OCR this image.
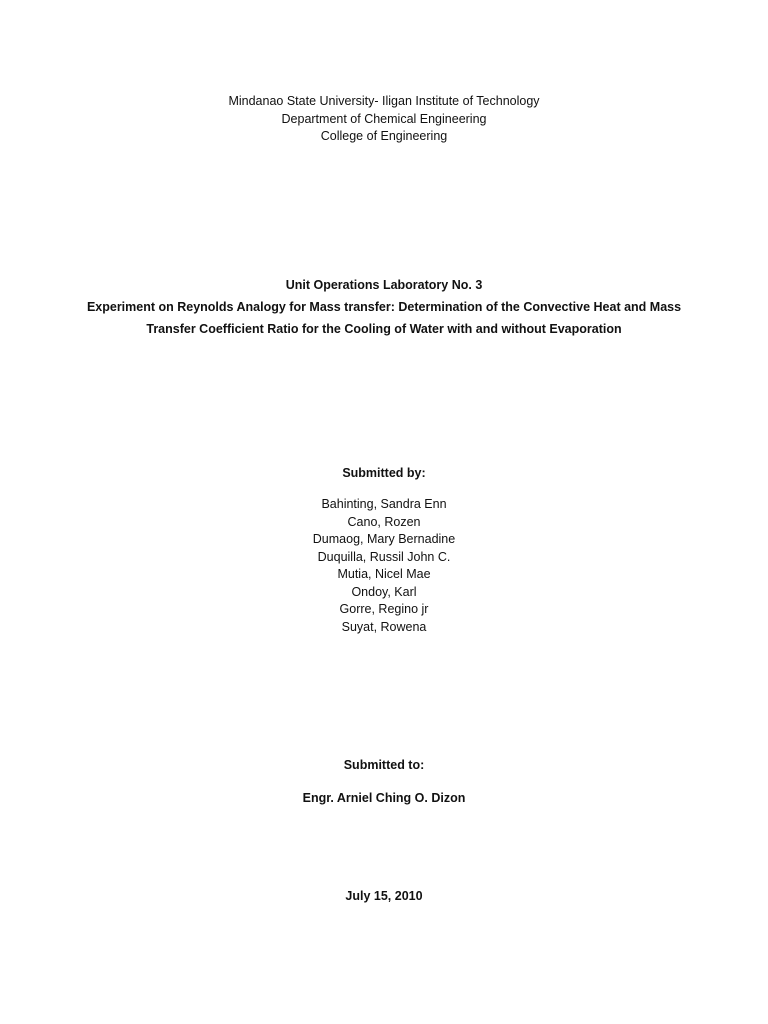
Mindanao State University- Iligan Institute of Technology
Department of Chemical Engineering
College of Engineering
Unit Operations Laboratory No. 3
Experiment on Reynolds Analogy for Mass transfer: Determination of the Convective Heat and Mass
Transfer Coefficient Ratio for the Cooling of Water with and without Evaporation
Submitted by:
Bahinting, Sandra Enn
Cano, Rozen
Dumaog, Mary Bernadine
Duquilla, Russil John C.
Mutia, Nicel Mae
Ondoy, Karl
Gorre, Regino jr
Suyat, Rowena
Submitted to:
Engr. Arniel Ching O. Dizon
July 15, 2010
